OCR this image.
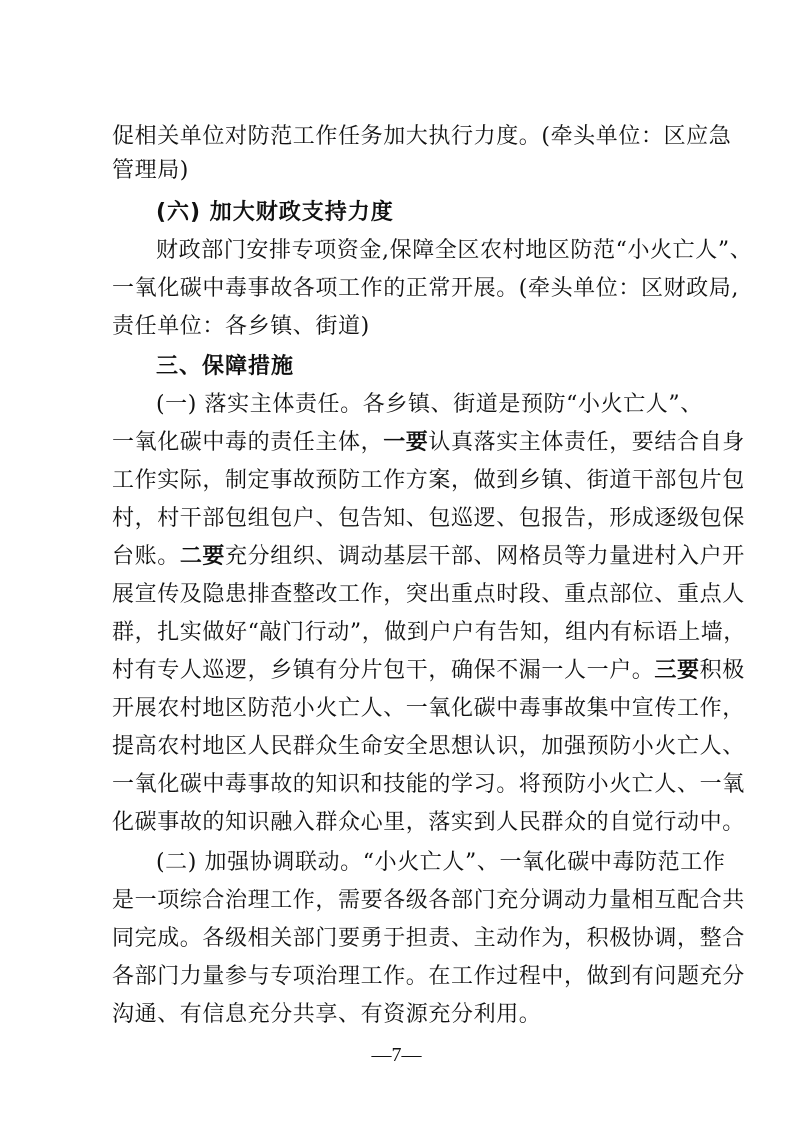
促相关单位对防范工作任务加大执行力度。(牵头单位：区应急
管理局)
(六) 加大财政支持力度
财政部门安排专项资金,保障全区农村地区防范“小火亡人”、
一氧化碳中毒事故各项工作的正常开展。(牵头单位：区财政局,
责任单位：各乡镇、街道)
三、保障措施
(一) 落实主体责任。各乡镇、街道是预防“小火亡人”、
一氧化碳中毒的责任主体，一要认真落实主体责任，要结合自身
工作实际，制定事故预防工作方案，做到乡镇、街道干部包片包
村，村干部包组包户、包告知、包巡逻、包报告，形成逐级包保
台账。二要充分组织、调动基层干部、网格员等力量进村入户开
展宣传及隐患排查整改工作，突出重点时段、重点部位、重点人
群，扎实做好“敲门行动”，做到户户有告知，组内有标语上墙，
村有专人巡逻，乡镇有分片包干，确保不漏一人一户。三要积极
开展农村地区防范小火亡人、一氧化碳中毒事故集中宣传工作，
提高农村地区人民群众生命安全思想认识，加强预防小火亡人、
一氧化碳中毒事故的知识和技能的学习。将预防小火亡人、一氧
化碳事故的知识融入群众心里，落实到人民群众的自觉行动中。
(二) 加强协调联动。“小火亡人”、一氧化碳中毒防范工作
是一项综合治理工作，需要各级各部门充分调动力量相互配合共
同完成。各级相关部门要勇于担责、主动作为，积极协调，整合
各部门力量参与专项治理工作。在工作过程中，做到有问题充分
沟通、有信息充分共享、有资源充分利用。
—7—
